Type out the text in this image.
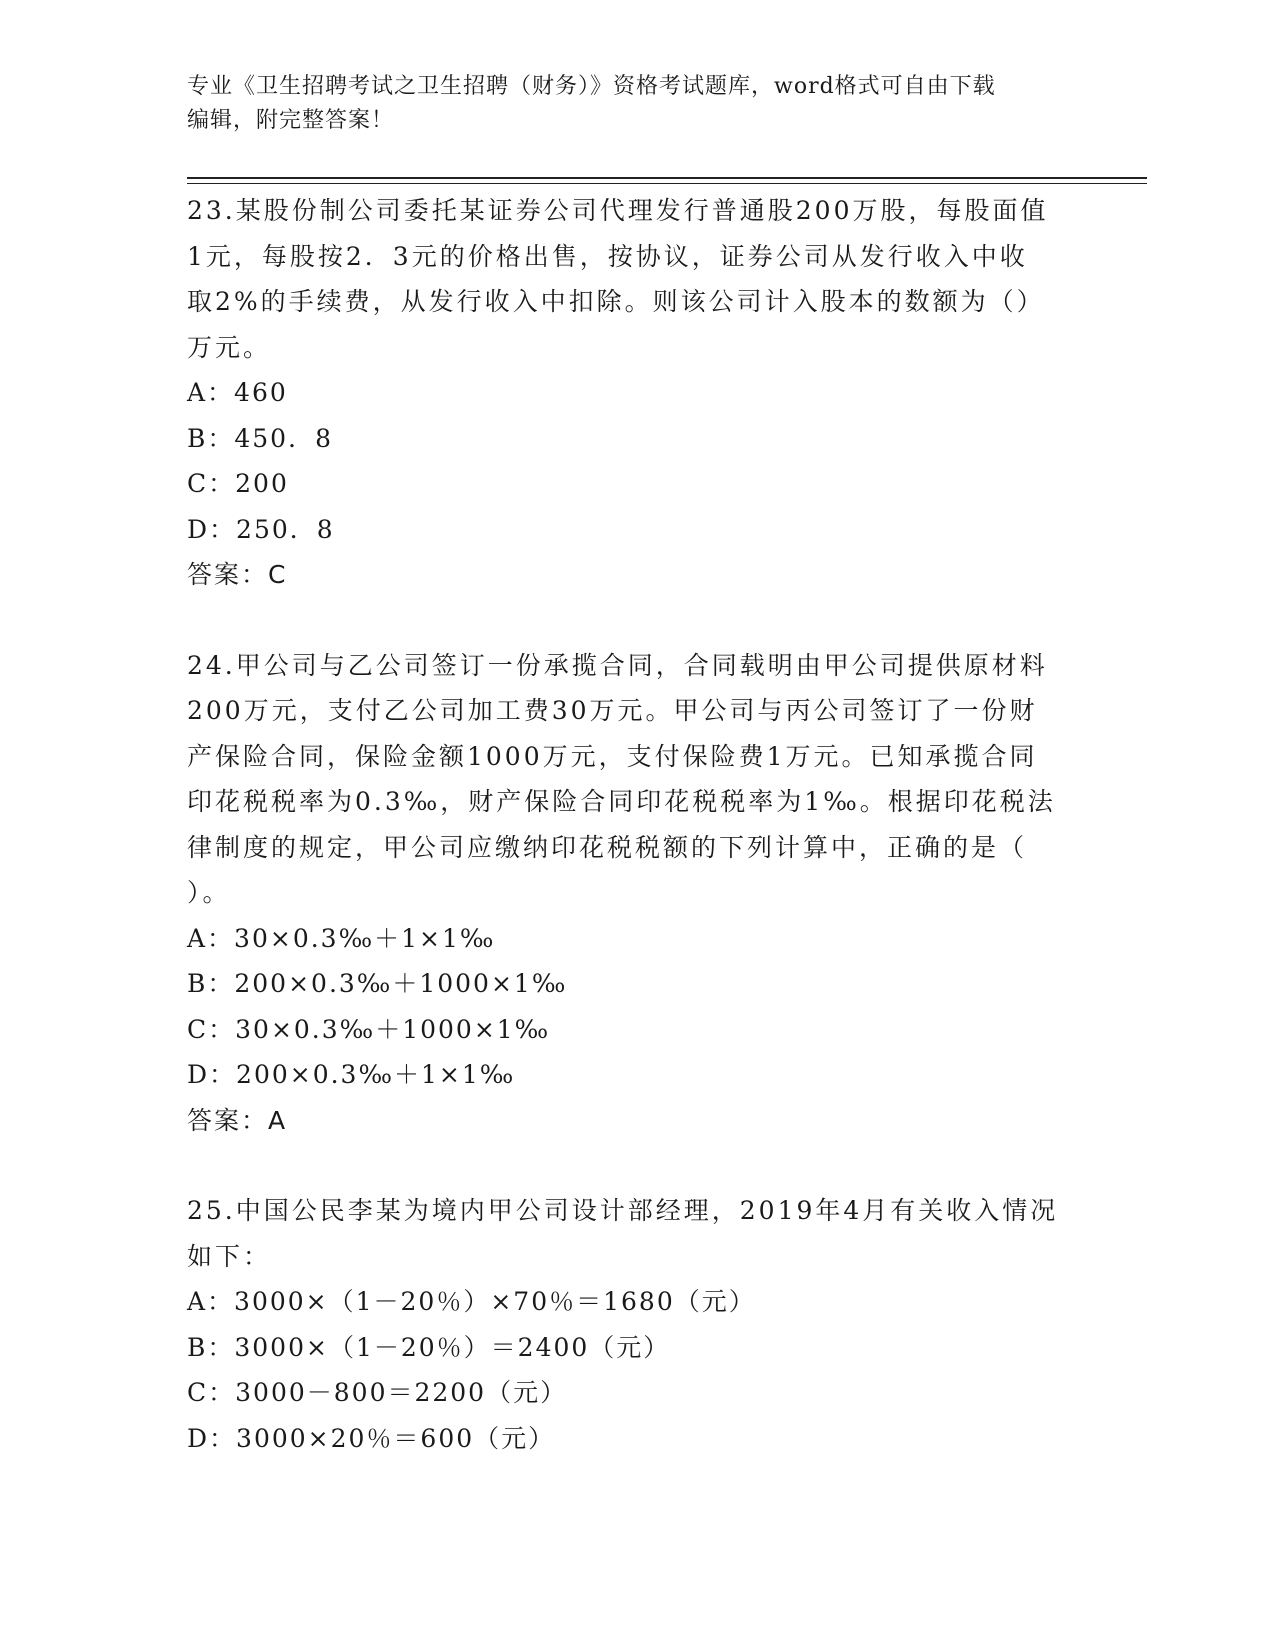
专业《卫生招聘考试之卫生招聘（财务）》资格考试题库，word格式可自由下载
编辑，附完整答案！

23.某股份制公司委托某证券公司代理发行普通股200万股，每股面值

1元，每股按2．3元的价格出售，按协议，证券公司从发行收入中收

取2%的手续费，从发行收入中扣除。则该公司计入股本的数额为（）

万元。

A：460

B：450．8

C：200

D：250．8

答案：C

24.甲公司与乙公司签订一份承揽合同，合同载明由甲公司提供原材料

200万元，支付乙公司加工费30万元。甲公司与丙公司签订了一份财

产保险合同，保险金额1000万元，支付保险费1万元。已知承揽合同

印花税税率为0.3‰，财产保险合同印花税税率为1‰。根据印花税法

律制度的规定，甲公司应缴纳印花税税额的下列计算中，正确的是（

）。

A：30×0.3‰＋1×1‰

B：200×0.3‰＋1000×1‰

C：30×0.3‰＋1000×1‰

D：200×0.3‰＋1×1‰

答案：A

25.中国公民李某为境内甲公司设计部经理，2019年4月有关收入情况

如下：

A：3000×（1－20％）×70％＝1680（元）

B：3000×（1－20％）＝2400（元）

C：3000－800＝2200（元）

D：3000×20％＝600（元）
